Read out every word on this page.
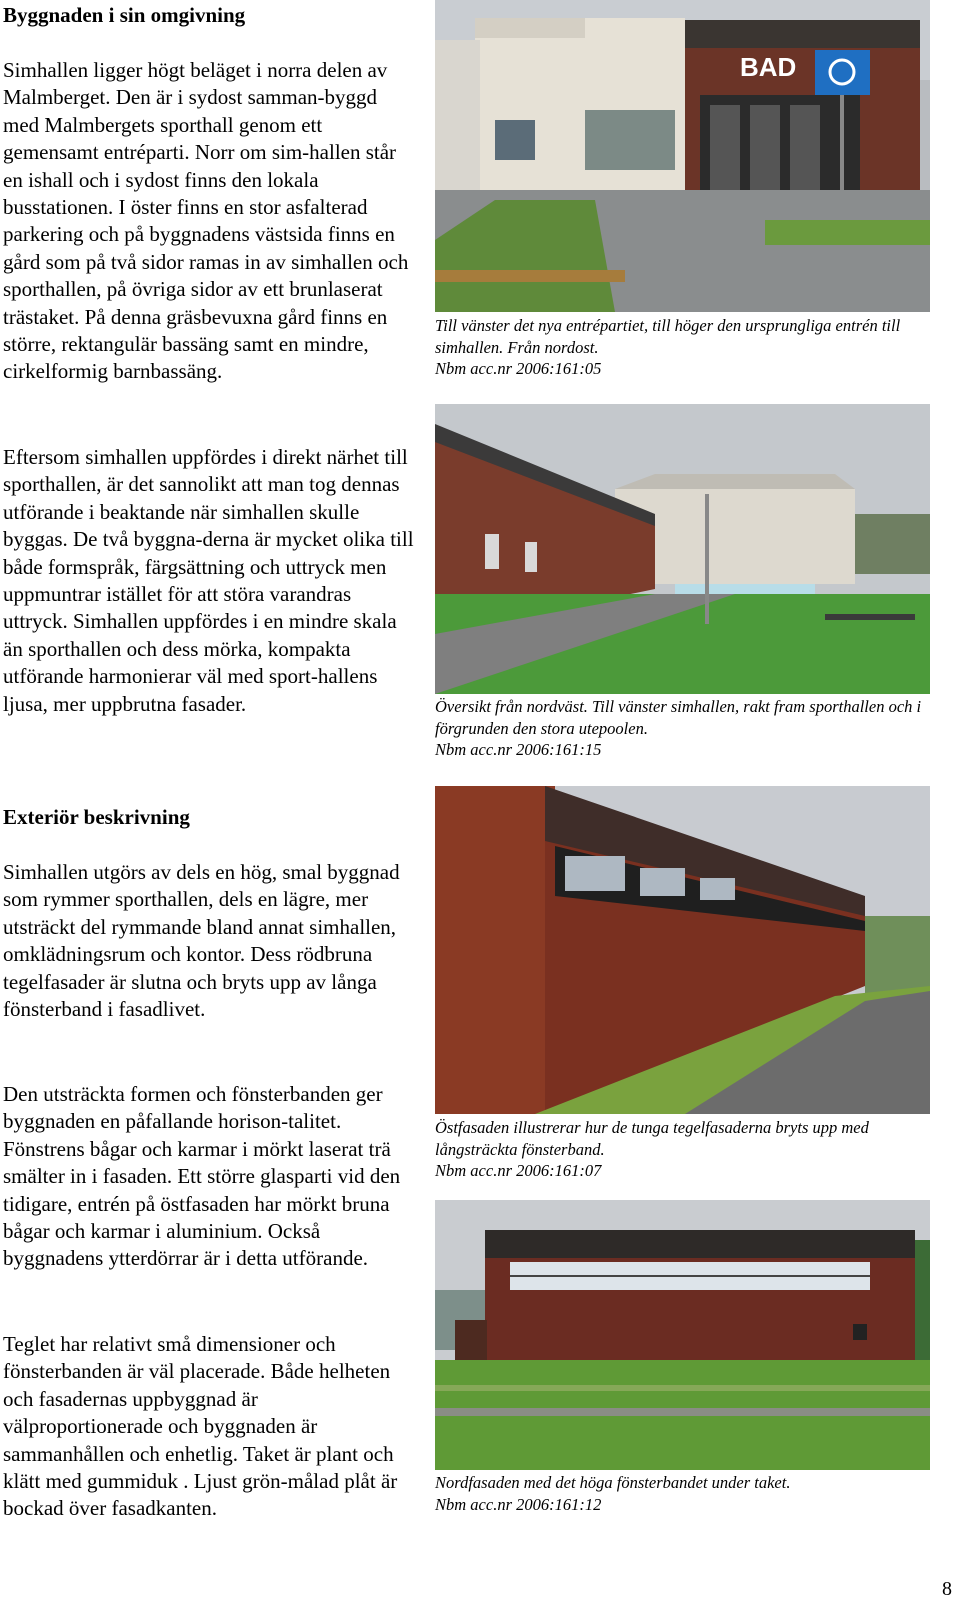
Byggnaden i sin omgivning

Simhallen ligger högt beläget i norra delen av Malmberget. Den är i sydost samman-byggd med Malmbergets sporthall genom ett gemensamt entréparti. Norr om sim-hallen står en ishall och i sydost finns den lokala busstationen. I öster finns en stor asfalterad parkering och på byggnadens västsida finns en gård som på två sidor ramas in av simhallen och sporthallen, på övriga sidor av ett brunlaserat trästaket. På denna gräsbevuxna gård finns en större, rektangulär bassäng samt en mindre, cirkelformig barnbassäng.

Eftersom simhallen uppfördes i direkt närhet till sporthallen, är det sannolikt att man tog dennas utförande i beaktande när simhallen skulle byggas. De två byggna-derna är mycket olika till både formspråk, färgsättning och uttryck men uppmuntrar istället för att störa varandras uttryck. Simhallen uppfördes i en mindre skala än sporthallen och dess mörka, kompakta utförande harmonierar väl med sport-hallens ljusa, mer uppbrutna fasader.

Exteriör beskrivning

Simhallen utgörs av dels en hög, smal byggnad som rymmer sporthallen, dels en lägre, mer utsträckt del rymmande bland annat simhallen, omklädningsrum och kontor. Dess rödbruna tegelfasader är slutna och bryts upp av långa fönsterband i fasadlivet.

Den utsträckta formen och fönsterbanden ger byggnaden en påfallande horison-talitet. Fönstrens bågar och karmar i mörkt laserat trä smälter in i fasaden. Ett större glasparti vid den tidigare, entrén på östfasaden har mörkt bruna bågar och karmar i aluminium. Också byggnadens ytterdörrar är i detta utförande.

Teglet har relativt små dimensioner och fönsterbanden är väl placerade. Både helheten och fasadernas uppbyggnad är välproportionerade och byggnaden är sammanhållen och enhetlig. Taket är plant och klätt med gummiduk . Ljust grön-målad plåt är bockad över fasadkanten.

BAD
Till vänster det nya entrépartiet, till höger den ursprungliga entrén till simhallen. Från nordost.
Nbm acc.nr 2006:161:05
Översikt från nordväst. Till vänster simhallen, rakt fram sporthallen och i förgrunden den stora utepoolen.
Nbm acc.nr 2006:161:15
Östfasaden illustrerar hur de tunga tegelfasaderna bryts upp med långsträckta fönsterband.
Nbm acc.nr 2006:161:07
Nordfasaden med det höga fönsterbandet under taket.
Nbm acc.nr 2006:161:12
8
